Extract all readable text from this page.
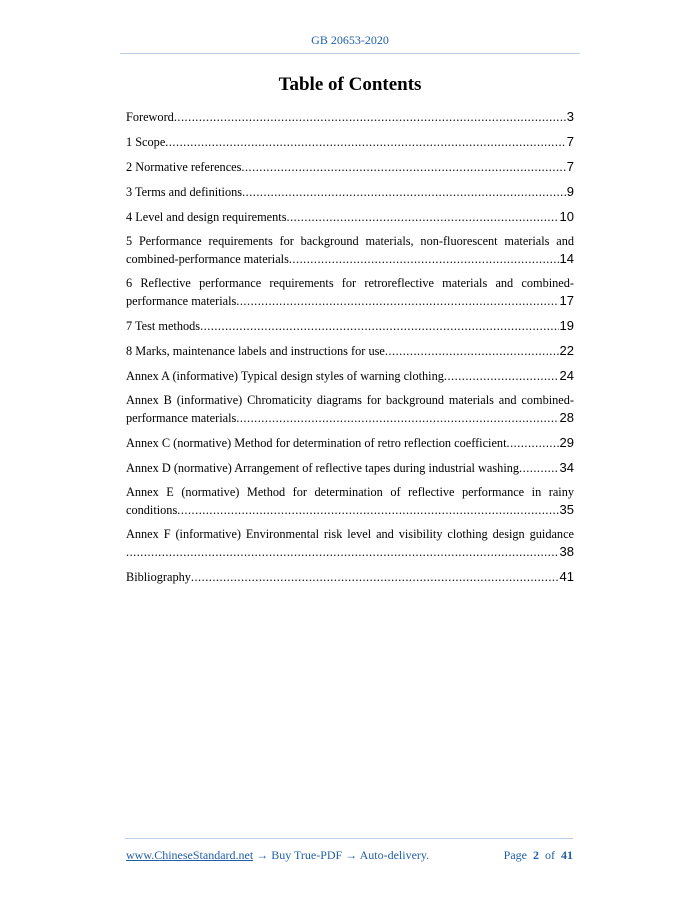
GB 20653-2020
Table of Contents
Foreword .....	3
1 Scope .....	7
2 Normative references .....	7
3 Terms and definitions .....	9
4 Level and design requirements .....	10
5 Performance requirements for background materials, non-fluorescent materials and
combined-performance materials .....	14
6 Reflective performance requirements for retroreflective materials and combined-
performance materials .....	17
7 Test methods .....	19
8 Marks, maintenance labels and instructions for use .....	22
Annex A (informative) Typical design styles of warning clothing .....	24
Annex B (informative) Chromaticity diagrams for background materials and combined-
performance materials .....	28
Annex C (normative) Method for determination of retro reflection coefficient .....	29
Annex D (normative) Arrangement of reflective tapes during industrial washing .....	34
Annex E (normative) Method for determination of reflective performance in rainy
conditions .....	35
Annex F (informative) Environmental risk level and visibility clothing design guidance
.....
38
Bibliography .....	41
www.ChineseStandard.net → Buy True-PDF → Auto-delivery.	Page 2 of 41
